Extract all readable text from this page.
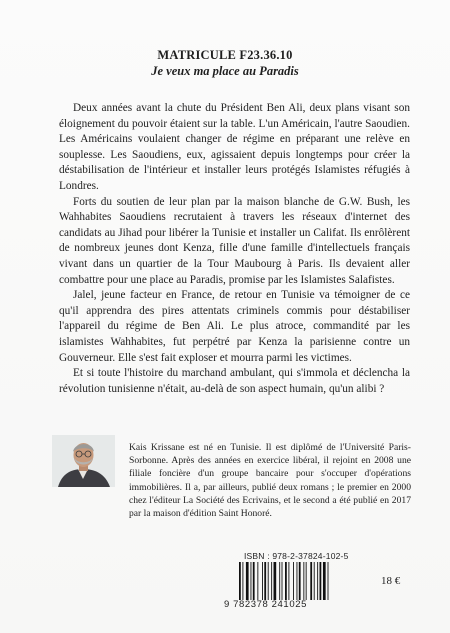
MATRICULE F23.36.10
Je veux ma place au Paradis

Deux années avant la chute du Président Ben Ali, deux plans visant son éloignement du pouvoir étaient sur la table. L'un Américain, l'autre Saoudien. Les Américains voulaient changer de régime en préparant une relève en souplesse. Les Saoudiens, eux, agissaient depuis longtemps pour créer la déstabilisation de l'intérieur et installer leurs protégés Islamistes réfugiés à Londres.

Forts du soutien de leur plan par la maison blanche de G.W. Bush, les Wahhabites Saoudiens recrutaient à travers les réseaux d'internet des candidats au Jihad pour libérer la Tunisie et installer un Califat. Ils enrôlèrent de nombreux jeunes dont Kenza, fille d'une famille d'intellectuels français vivant dans un quartier de la Tour Maubourg à Paris. Ils devaient aller combattre pour une place au Paradis, promise par les Islamistes Salafistes.

Jalel, jeune facteur en France, de retour en Tunisie va témoigner de ce qu'il apprendra des pires attentats criminels commis pour déstabiliser l'appareil du régime de Ben Ali. Le plus atroce, commandité par les islamistes Wahhabites, fut perpétré par Kenza la parisienne contre un Gouverneur. Elle s'est fait exploser et mourra parmi les victimes.

Et si toute l'histoire du marchand ambulant, qui s'immola et déclencha la révolution tunisienne n'était, au-delà de son aspect humain, qu'un alibi ?

Kais Krissane est né en Tunisie. Il est diplômé de l'Université Paris-Sorbonne. Après des années en exercice libéral, il rejoint en 2008 une filiale foncière d'un groupe bancaire pour s'occuper d'opérations immobilières. Il a, par ailleurs, publié deux romans ; le premier en 2000 chez l'éditeur La Société des Ecrivains, et le second a été publié en 2017 par la maison d'édition Saint Honoré.
ISBN : 978-2-37824-102-5
9 782378 241025
18 €
